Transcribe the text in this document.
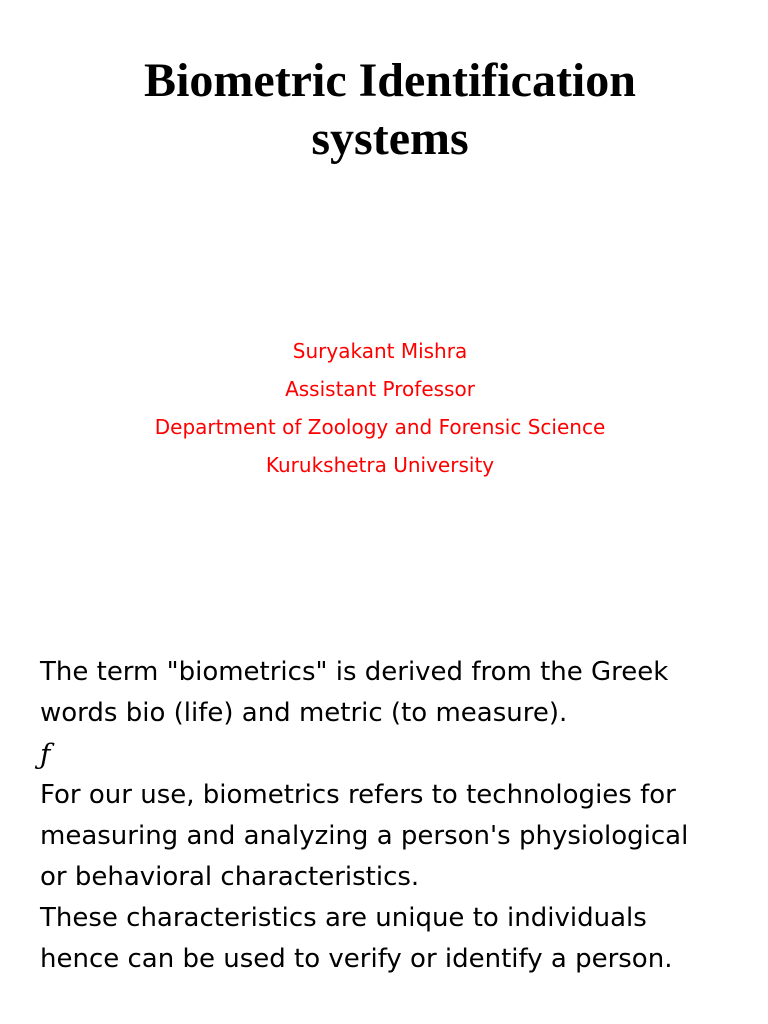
Biometric Identification
systems
Suryakant Mishra
Assistant Professor
Department of Zoology and Forensic Science
Kurukshetra University
The term "biometrics" is derived from the Greek
words bio (life) and metric (to measure).
ƒ
For our use, biometrics refers to technologies for
measuring and analyzing a person's physiological
or behavioral characteristics.
These characteristics are unique to individuals
hence can be used to verify or identify a person.
